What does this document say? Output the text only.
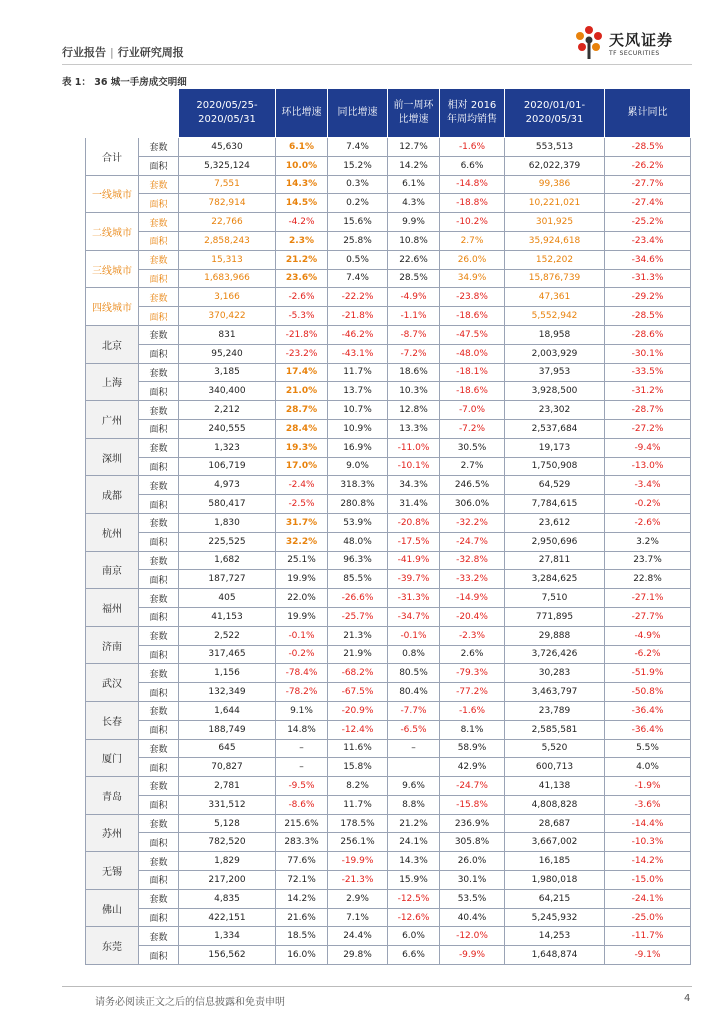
行业报告 | 行业研究周报
天风证券
TF SECURITIES
表 1： 36 城一手房成交明细
		2020/05/25-2020/05/31	环比增速	同比增速	前一周环比增速	相对 2016 年周均销售	2020/01/01-2020/05/31	累计同比
合计	套数	45,630	6.1%	7.4%	12.7%	-1.6%	553,513	-28.5%
	面积	5,325,124	10.0%	15.2%	14.2%	6.6%	62,022,379	-26.2%
一线城市	套数	7,551	14.3%	0.3%	6.1%	-14.8%	99,386	-27.7%
	面积	782,914	14.5%	0.2%	4.3%	-18.8%	10,221,021	-27.4%
二线城市	套数	22,766	-4.2%	15.6%	9.9%	-10.2%	301,925	-25.2%
	面积	2,858,243	2.3%	25.8%	10.8%	2.7%	35,924,618	-23.4%
三线城市	套数	15,313	21.2%	0.5%	22.6%	26.0%	152,202	-34.6%
	面积	1,683,966	23.6%	7.4%	28.5%	34.9%	15,876,739	-31.3%
四线城市	套数	3,166	-2.6%	-22.2%	-4.9%	-23.8%	47,361	-29.2%
	面积	370,422	-5.3%	-21.8%	-1.1%	-18.6%	5,552,942	-28.5%
北京	套数	831	-21.8%	-46.2%	-8.7%	-47.5%	18,958	-28.6%
	面积	95,240	-23.2%	-43.1%	-7.2%	-48.0%	2,003,929	-30.1%
上海	套数	3,185	17.4%	11.7%	18.6%	-18.1%	37,953	-33.5%
	面积	340,400	21.0%	13.7%	10.3%	-18.6%	3,928,500	-31.2%
广州	套数	2,212	28.7%	10.7%	12.8%	-7.0%	23,302	-28.7%
	面积	240,555	28.4%	10.9%	13.3%	-7.2%	2,537,684	-27.2%
深圳	套数	1,323	19.3%	16.9%	-11.0%	30.5%	19,173	-9.4%
	面积	106,719	17.0%	9.0%	-10.1%	2.7%	1,750,908	-13.0%
成都	套数	4,973	-2.4%	318.3%	34.3%	246.5%	64,529	-3.4%
	面积	580,417	-2.5%	280.8%	31.4%	306.0%	7,784,615	-0.2%
杭州	套数	1,830	31.7%	53.9%	-20.8%	-32.2%	23,612	-2.6%
	面积	225,525	32.2%	48.0%	-17.5%	-24.7%	2,950,696	3.2%
南京	套数	1,682	25.1%	96.3%	-41.9%	-32.8%	27,811	23.7%
	面积	187,727	19.9%	85.5%	-39.7%	-33.2%	3,284,625	22.8%
福州	套数	405	22.0%	-26.6%	-31.3%	-14.9%	7,510	-27.1%
	面积	41,153	19.9%	-25.7%	-34.7%	-20.4%	771,895	-27.7%
济南	套数	2,522	-0.1%	21.3%	-0.1%	-2.3%	29,888	-4.9%
	面积	317,465	-0.2%	21.9%	0.8%	2.6%	3,726,426	-6.2%
武汉	套数	1,156	-78.4%	-68.2%	80.5%	-79.3%	30,283	-51.9%
	面积	132,349	-78.2%	-67.5%	80.4%	-77.2%	3,463,797	-50.8%
长春	套数	1,644	9.1%	-20.9%	-7.7%	-1.6%	23,789	-36.4%
	面积	188,749	14.8%	-12.4%	-6.5%	8.1%	2,585,581	-36.4%
厦门	套数	645	–	11.6%	–	58.9%	5,520	5.5%
	面积	70,827	–	15.8%		42.9%	600,713	4.0%
青岛	套数	2,781	-9.5%	8.2%	9.6%	-24.7%	41,138	-1.9%
	面积	331,512	-8.6%	11.7%	8.8%	-15.8%	4,808,828	-3.6%
苏州	套数	5,128	215.6%	178.5%	21.2%	236.9%	28,687	-14.4%
	面积	782,520	283.3%	256.1%	24.1%	305.8%	3,667,002	-10.3%
无锡	套数	1,829	77.6%	-19.9%	14.3%	26.0%	16,185	-14.2%
	面积	217,200	72.1%	-21.3%	15.9%	30.1%	1,980,018	-15.0%
佛山	套数	4,835	14.2%	2.9%	-12.5%	53.5%	64,215	-24.1%
	面积	422,151	21.6%	7.1%	-12.6%	40.4%	5,245,932	-25.0%
东莞	套数	1,334	18.5%	24.4%	6.0%	-12.0%	14,253	-11.7%
	面积	156,562	16.0%	29.8%	6.6%	-9.9%	1,648,874	-9.1%
请务必阅读正文之后的信息披露和免责申明	4
